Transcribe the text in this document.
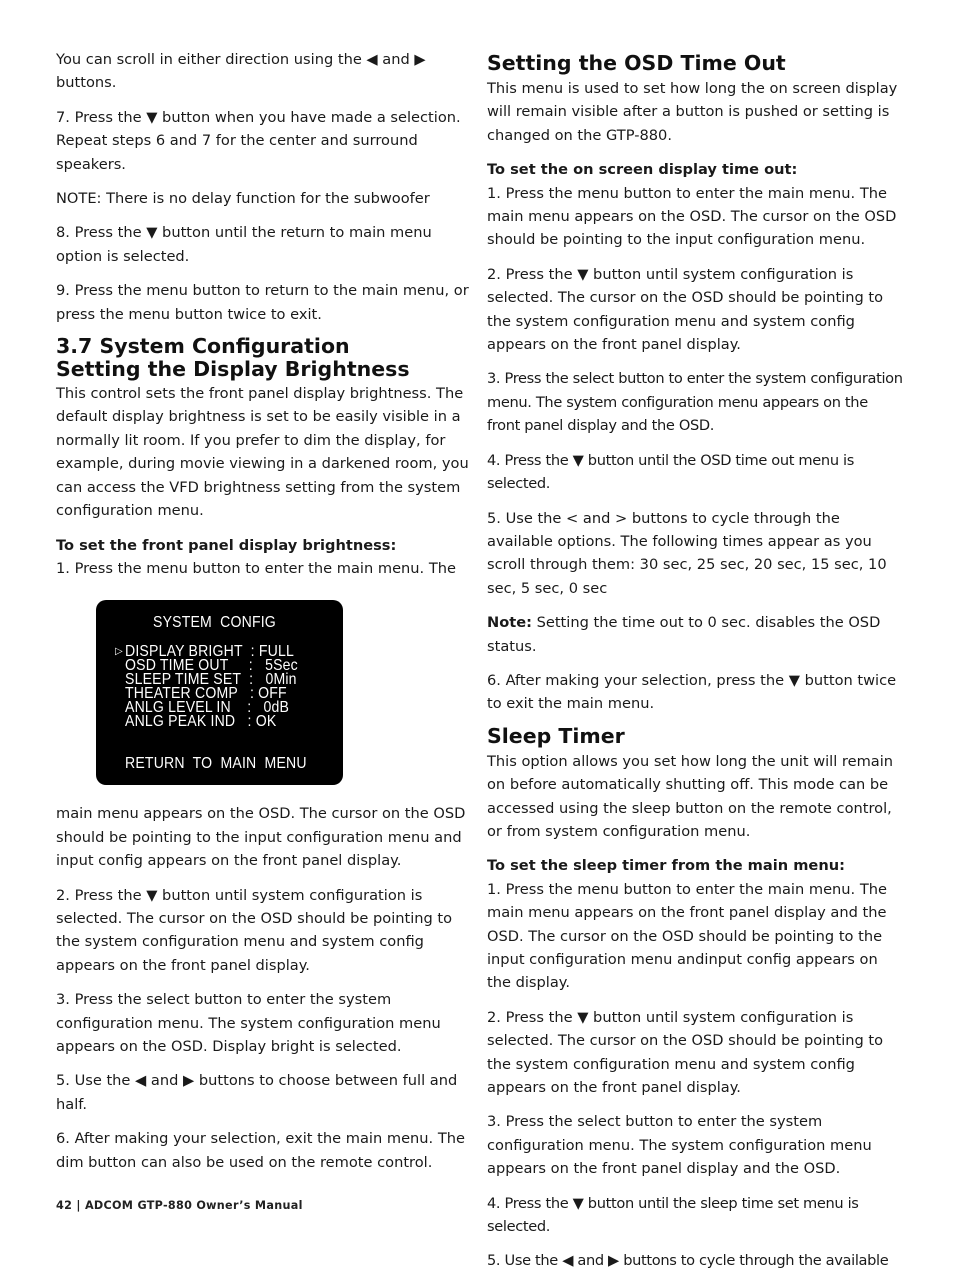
You can scroll in either direction using the ◀ and ▶ buttons.

7. Press the ▼ button when you have made a selection. Repeat steps 6 and 7 for the center and surround speakers.

NOTE: There is no delay function for the subwoofer

8. Press the ▼ button until the return to main menu option is selected.

9. Press the menu button to return to the main menu, or press the menu button twice to exit.

3.7 System Configuration
Setting the Display Brightness

This control sets the front panel display brightness. The default display brightness is set to be easily visible in a normally lit room. If you prefer to dim the display, for example, during movie viewing in a darkened room, you can access the VFD brightness setting from the system configuration menu.

To set the front panel display brightness:

1. Press the menu button to enter the main menu. The

SYSTEM  CONFIG
▷ DISPLAY BRIGHT  : FULL
OSD TIME OUT     :   5Sec
SLEEP TIME SET  :   0Min
THEATER COMP   : OFF
ANLG LEVEL IN    :   0dB
ANLG PEAK IND   : OK
RETURN  TO  MAIN  MENU

main menu appears on the OSD. The cursor on the OSD should be pointing to the input configuration menu and input config appears on the front panel display.

2. Press the ▼ button until system configuration is selected. The cursor on the OSD should be pointing to the system configuration menu and system config appears on the front panel display.

3. Press the select button to enter the system configuration menu. The system configuration menu appears on the OSD. Display bright is selected.

5. Use the ◀ and ▶ buttons to choose between full and half.

6. After making your selection, exit the main menu. The dim button can also be used on the remote control.

Setting the OSD Time Out

This menu is used to set how long the on screen display will remain visible after a button is pushed or setting is changed on the GTP-880.

To set the on screen display time out:

1. Press the menu button to enter the main menu. The main menu appears on the OSD. The cursor on the OSD should be pointing to the input configuration menu.

2. Press the ▼ button until system configuration is selected. The cursor on the OSD should be pointing to the system configuration menu and system config appears on the front panel display.

3. Press the select button to enter the system configuration menu. The system configuration menu appears on the front panel display and the OSD.

4. Press the ▼ button until the OSD time out menu is selected.

5. Use the < and > buttons to cycle through the available options. The following times appear as you scroll through them: 30 sec, 25 sec, 20 sec, 15 sec, 10 sec, 5 sec, 0 sec

Note: Setting the time out to 0 sec. disables the OSD status.

6. After making your selection, press the ▼ button twice to exit the main menu.

Sleep Timer

This option allows you set how long the unit will remain on before automatically shutting off. This mode can be accessed using the sleep button on the remote control, or from system configuration menu.

To set the sleep timer from the main menu:

1. Press the menu button to enter the main menu. The main menu appears on the front panel display and the OSD. The cursor on the OSD should be pointing to the input configuration menu andinput config appears on the display.

2. Press the ▼ button until system configuration is selected. The cursor on the OSD should be pointing to the system configuration menu and system config appears on the front panel display.

3. Press the select button to enter the system configuration menu. The system configuration menu appears on the front panel display and the OSD.

4. Press the ▼ button until the sleep time set menu is selected.

5. Use the ◀ and ▶ buttons to cycle through the available

42 | ADCOM GTP-880 Owner’s Manual
